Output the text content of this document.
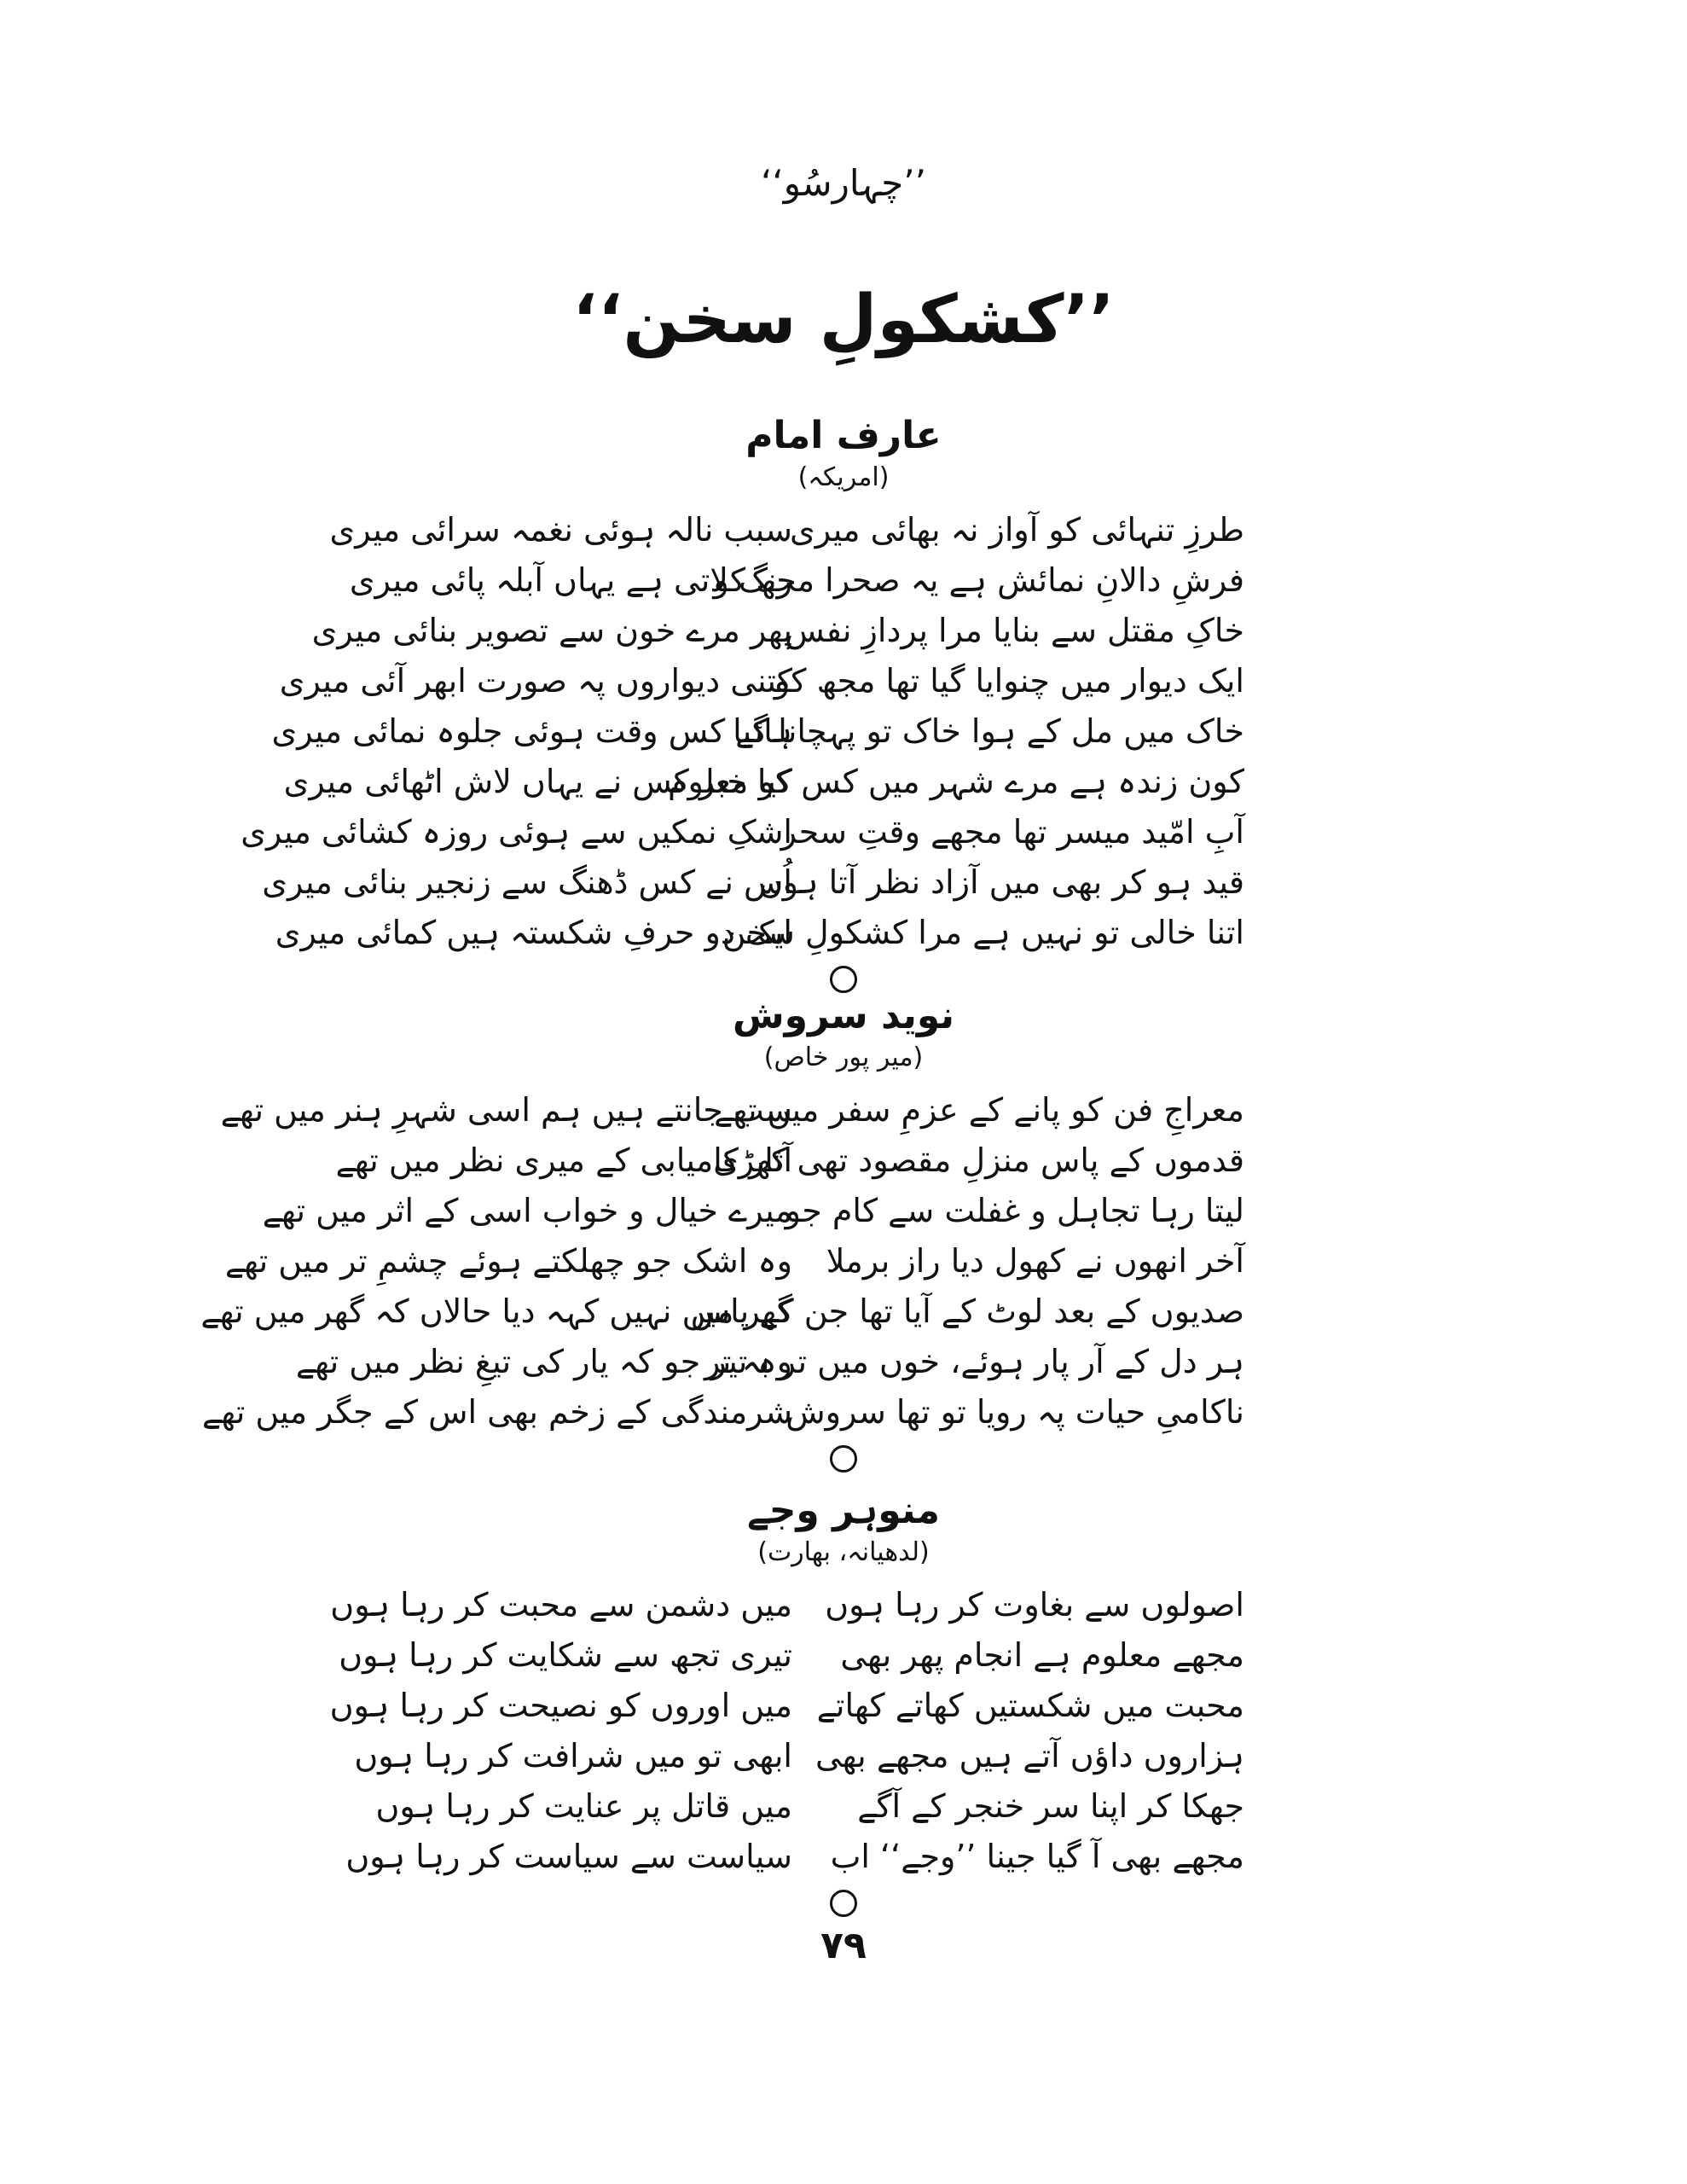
’’چہارسُو‘‘
’’کشکولِ سخن‘‘
عارف امام
(امریکہ)
طرزِ تنہائی کو آواز نہ بھائی میری
سبب نالہ ہوئی نغمہ سرائی میری
فرشِ دالانِ نمائش ہے یہ صحرا مجھ کو
رنگ لاتی ہے یہاں آبلہ پائی میری
خاکِ مقتل سے بنایا مرا پردازِ نفس
پھر مرے خون سے تصویر بنائی میری
ایک دیوار میں چنوایا گیا تھا مجھ کو
کتنی دیواروں پہ صورت ابھر آئی میری
خاک میں مل کے ہوا خاک تو پہچانا گیا
ہائے کس وقت ہوئی جلوہ نمائی میری
کون زندہ ہے مرے شہر میں کس کو معلوم
کیا خبر کس نے یہاں لاش اٹھائی میری
آبِ امّید میسر تھا مجھے وقتِ سحر
اشکِ نمکیں سے ہوئی روزہ کشائی میری
قید ہو کر بھی میں آزاد نظر آتا ہوں
اُس نے کس ڈھنگ سے زنجیر بنائی میری
اتنا خالی تو نہیں ہے مرا کشکولِ سخن
ایک دو حرفِ شکستہ ہیں کمائی میری
نوید سروش
(میر پور خاص)
معراجِ فن کو پانے کے عزمِ سفر میں تھے
سب جانتے ہیں ہم اسی شہرِ ہنر میں تھے
قدموں کے پاس منزلِ مقصود تھی کھڑی
آثار کامیابی کے میری نظر میں تھے
لیتا رہا تجاہل و غفلت سے کام جو
میرے خیال و خواب اسی کے اثر میں تھے
آخر انھوں نے کھول دیا راز برملا
وہ اشک جو چھلکتے ہوئے چشمِ تر میں تھے
صدیوں کے بعد لوٹ کے آیا تھا جن کے پاس
گھر میں نہیں کہہ دیا حالاں کہ گھر میں تھے
ہر دل کے آر پار ہوئے، خوں میں تر بہ تر
وہ تیر جو کہ یار کی تیغِ نظر میں تھے
ناکامیِ حیات پہ رویا تو تھا سروش
شرمندگی کے زخم بھی اس کے جگر میں تھے
منوہر وجے
(لدھیانہ، بھارت)
اصولوں سے بغاوت کر رہا ہوں
میں دشمن سے محبت کر رہا ہوں
مجھے معلوم ہے انجام پھر بھی
تیری تجھ سے شکایت کر رہا ہوں
محبت میں شکستیں کھاتے کھاتے
میں اوروں کو نصیحت کر رہا ہوں
ہزاروں داؤں آتے ہیں مجھے بھی
ابھی تو میں شرافت کر رہا ہوں
جھکا کر اپنا سر خنجر کے آگے
میں قاتل پر عنایت کر رہا ہوں
مجھے بھی آ گیا جینا ’’وجے‘‘ اب
سیاست سے سیاست کر رہا ہوں
۷۹
